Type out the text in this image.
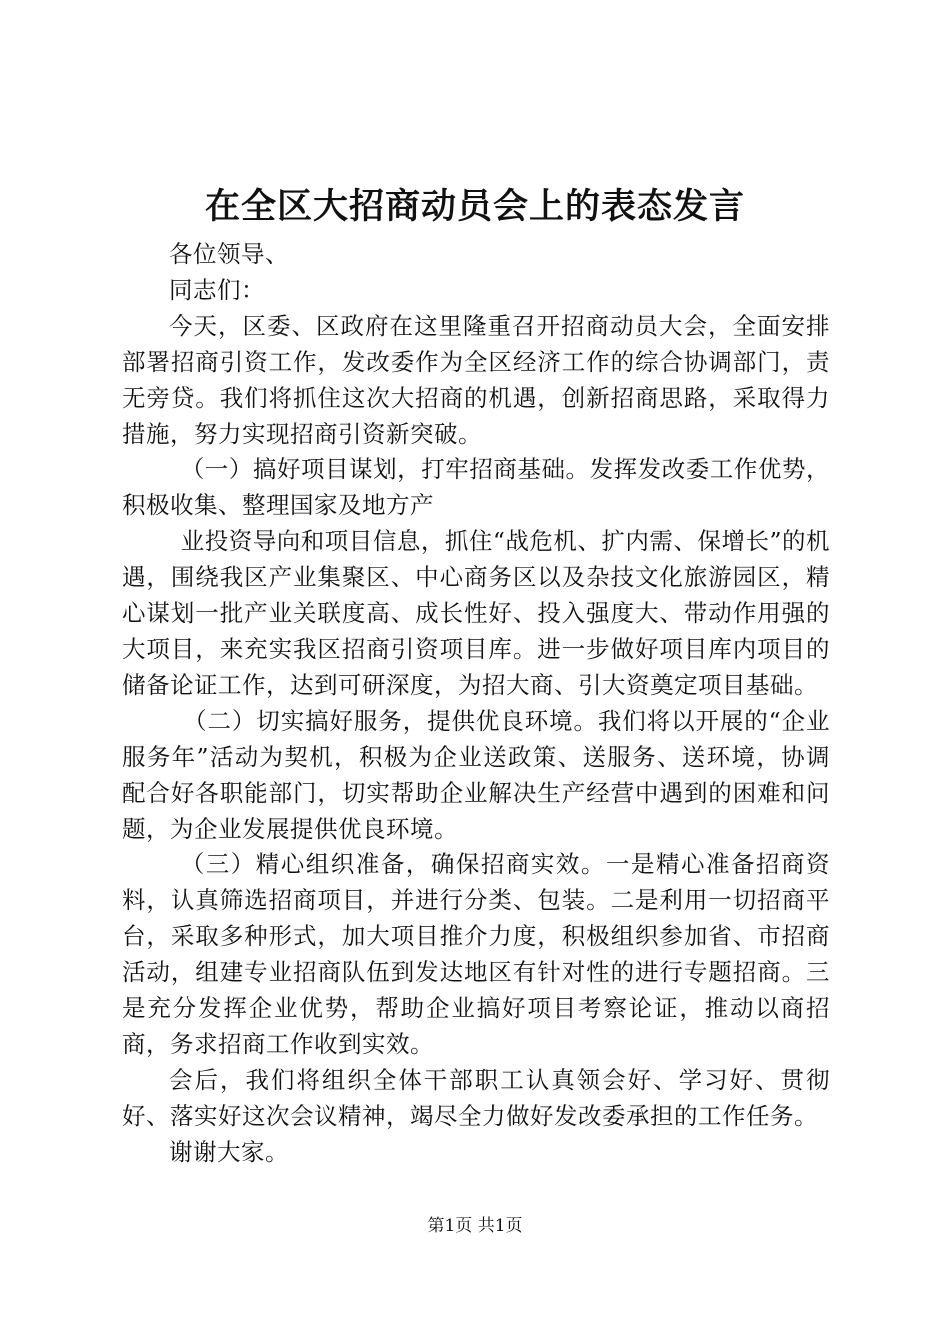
在全区大招商动员会上的表态发言

各位领导、

同志们：

今天，区委、区政府在这里隆重召开招商动员大会，全面安排部署招商引资工作，发改委作为全区经济工作的综合协调部门，责无旁贷。我们将抓住这次大招商的机遇，创新招商思路，采取得力措施，努力实现招商引资新突破。

（一）搞好项目谋划，打牢招商基础。发挥发改委工作优势，积极收集、整理国家及地方产

业投资导向和项目信息，抓住“战危机、扩内需、保增长”的机遇，围绕我区产业集聚区、中心商务区以及杂技文化旅游园区，精心谋划一批产业关联度高、成长性好、投入强度大、带动作用强的大项目，来充实我区招商引资项目库。进一步做好项目库内项目的储备论证工作，达到可研深度，为招大商、引大资奠定项目基础。

（二）切实搞好服务，提供优良环境。我们将以开展的“企业服务年”活动为契机，积极为企业送政策、送服务、送环境，协调配合好各职能部门，切实帮助企业解决生产经营中遇到的困难和问题，为企业发展提供优良环境。

（三）精心组织准备，确保招商实效。一是精心准备招商资料，认真筛选招商项目，并进行分类、包装。二是利用一切招商平台，采取多种形式，加大项目推介力度，积极组织参加省、市招商活动，组建专业招商队伍到发达地区有针对性的进行专题招商。三是充分发挥企业优势，帮助企业搞好项目考察论证，推动以商招商，务求招商工作收到实效。

会后，我们将组织全体干部职工认真领会好、学习好、贯彻好、落实好这次会议精神，竭尽全力做好发改委承担的工作任务。

谢谢大家。

第1页 共1页
